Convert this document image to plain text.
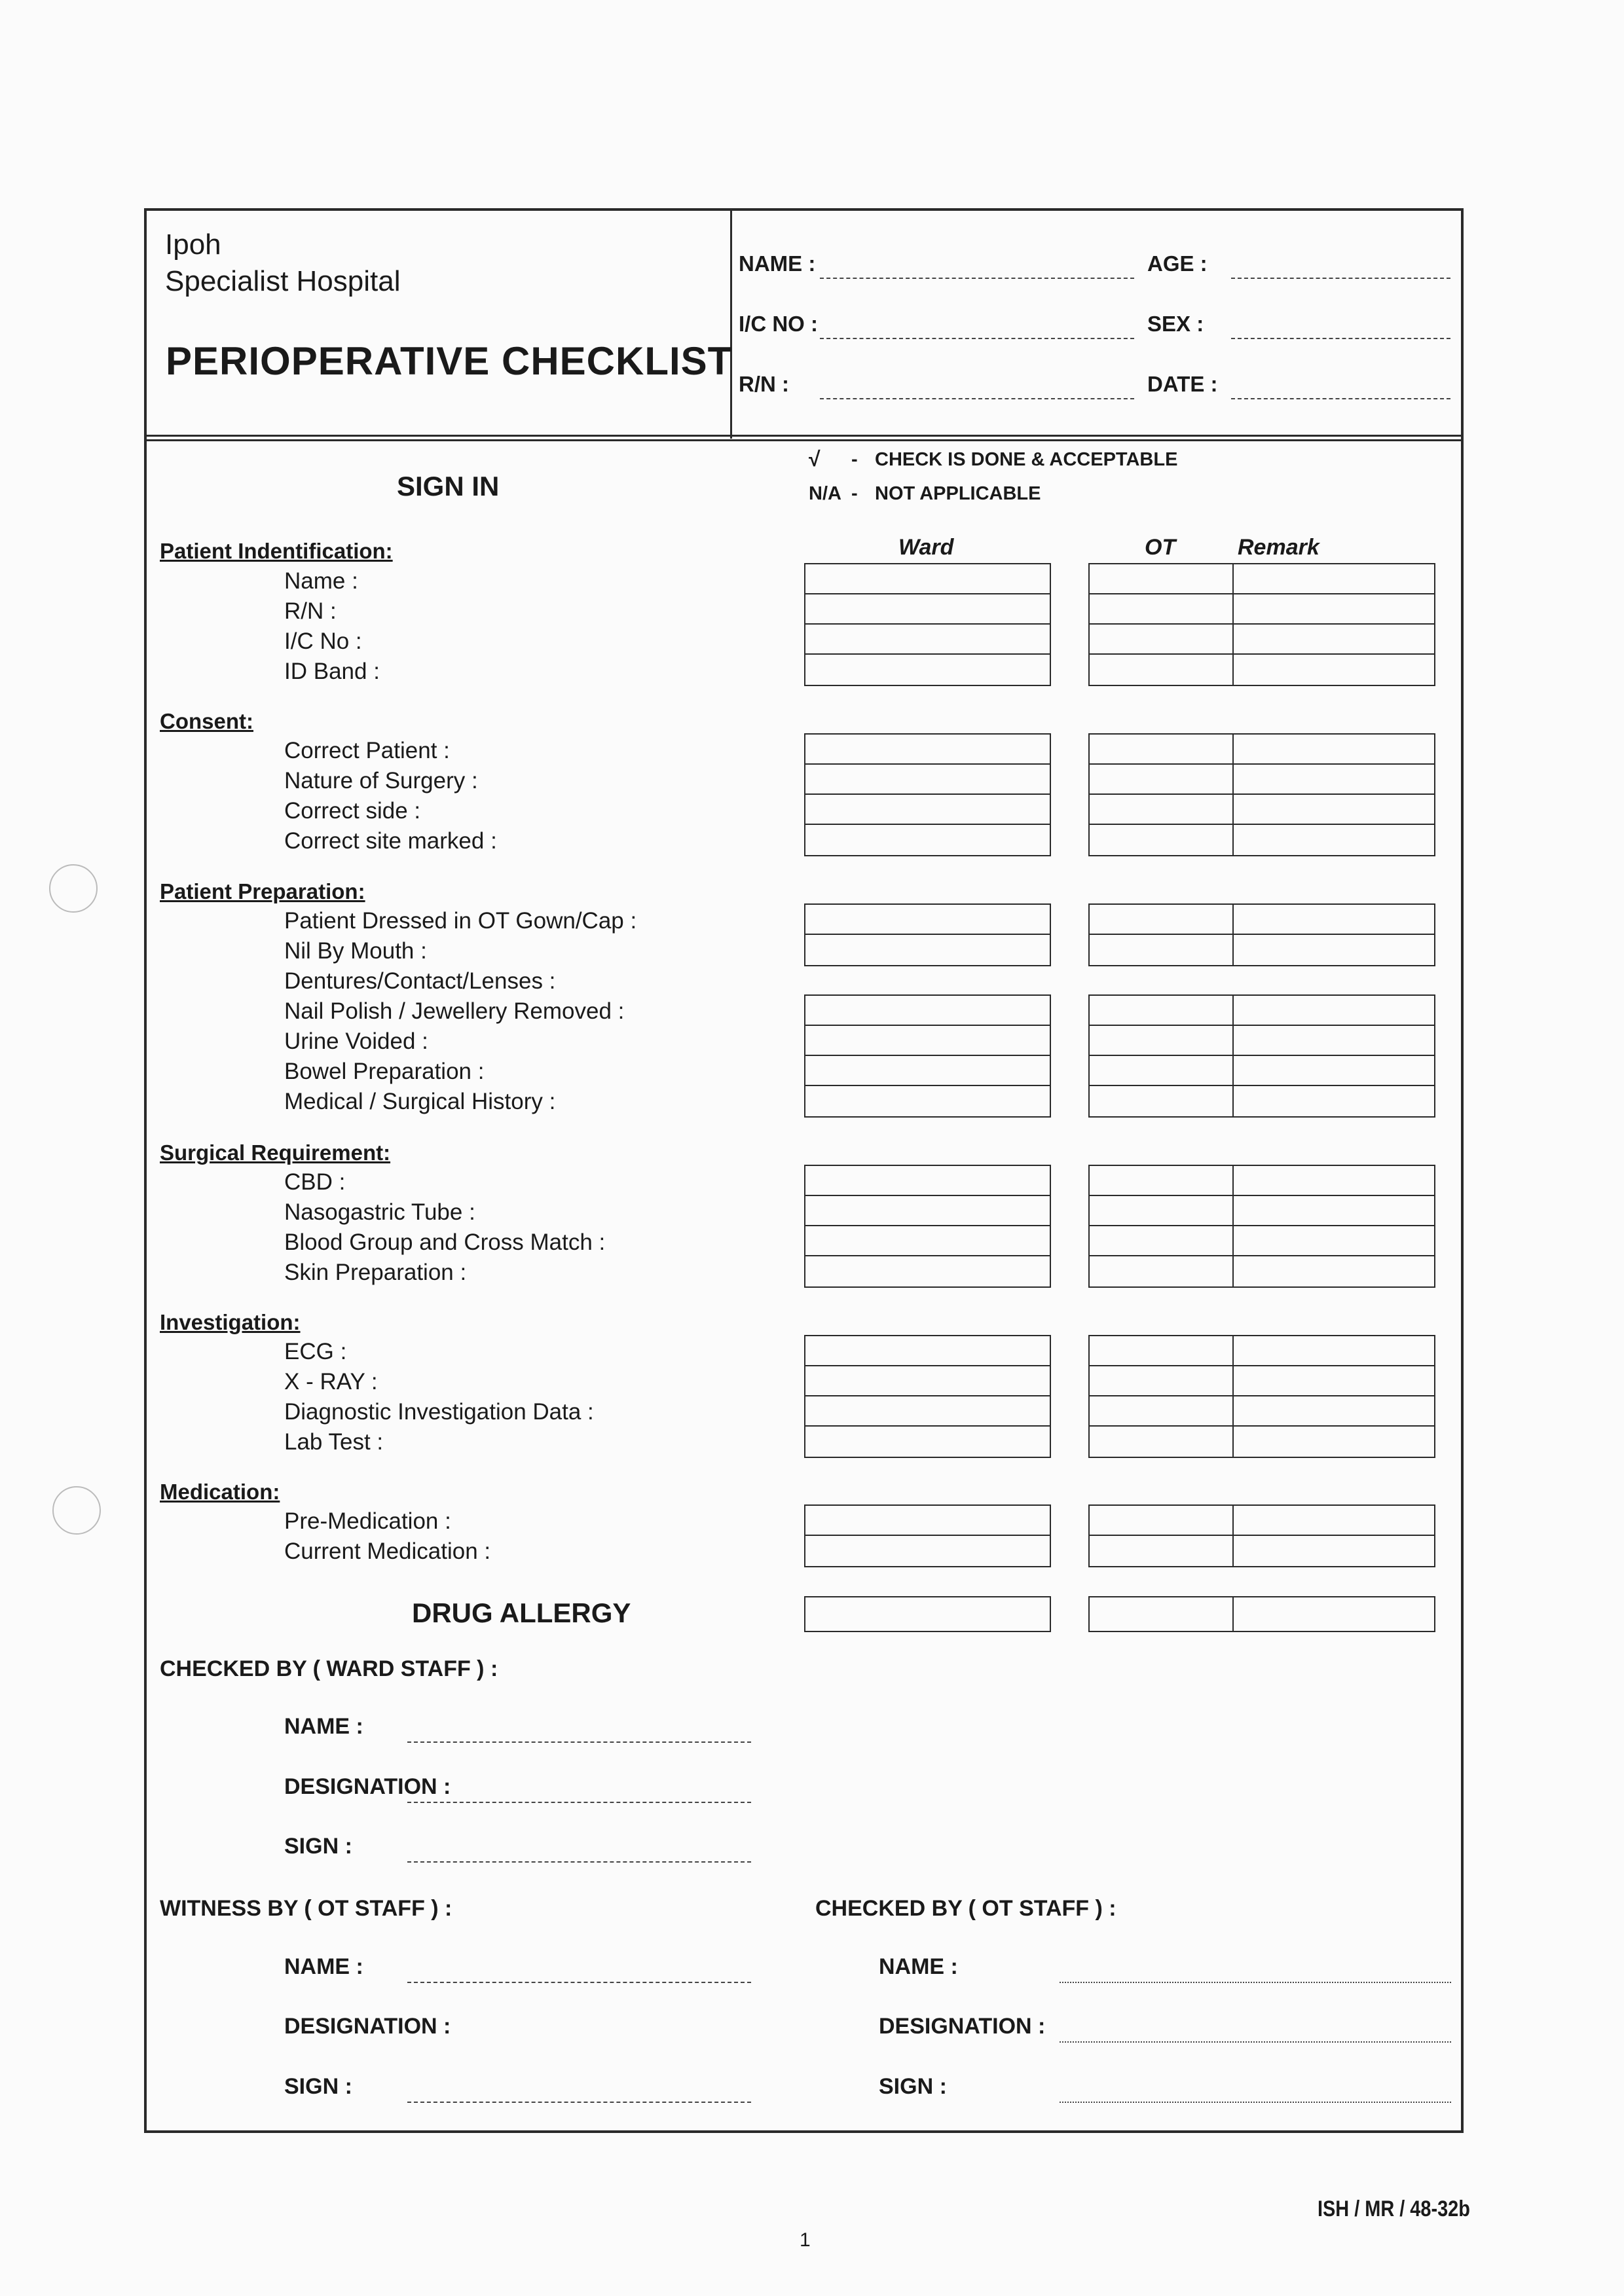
Ipoh
Specialist Hospital
PERIOPERATIVE CHECKLIST
NAME :
I/C NO :
R/N :
AGE :
SEX :
DATE :
SIGN IN
√ - CHECK IS DONE & ACCEPTABLE
N/A - NOT APPLICABLE
Ward	OT	Remark
Patient Indentification:
Name :
R/N :
I/C No :
ID Band :
Consent:
Correct Patient :
Nature of Surgery :
Correct side :
Correct site marked :
Patient Preparation:
Patient Dressed in OT Gown/Cap :
Nil By Mouth :
Dentures/Contact/Lenses :
Nail Polish / Jewellery Removed :
Urine Voided :
Bowel Preparation :
Medical / Surgical History :
Surgical Requirement:
CBD :
Nasogastric Tube :
Blood Group and Cross Match :
Skin Preparation :
Investigation:
ECG :
X - RAY :
Diagnostic Investigation Data :
Lab Test :
Medication:
Pre-Medication :
Current Medication :
DRUG ALLERGY
CHECKED BY ( WARD STAFF ) :
NAME :
DESIGNATION :
SIGN :
WITNESS BY ( OT STAFF ) :
NAME :
DESIGNATION :
SIGN :
CHECKED BY ( OT STAFF ) :
NAME :
DESIGNATION :
SIGN :
ISH / MR / 48-32b
1
